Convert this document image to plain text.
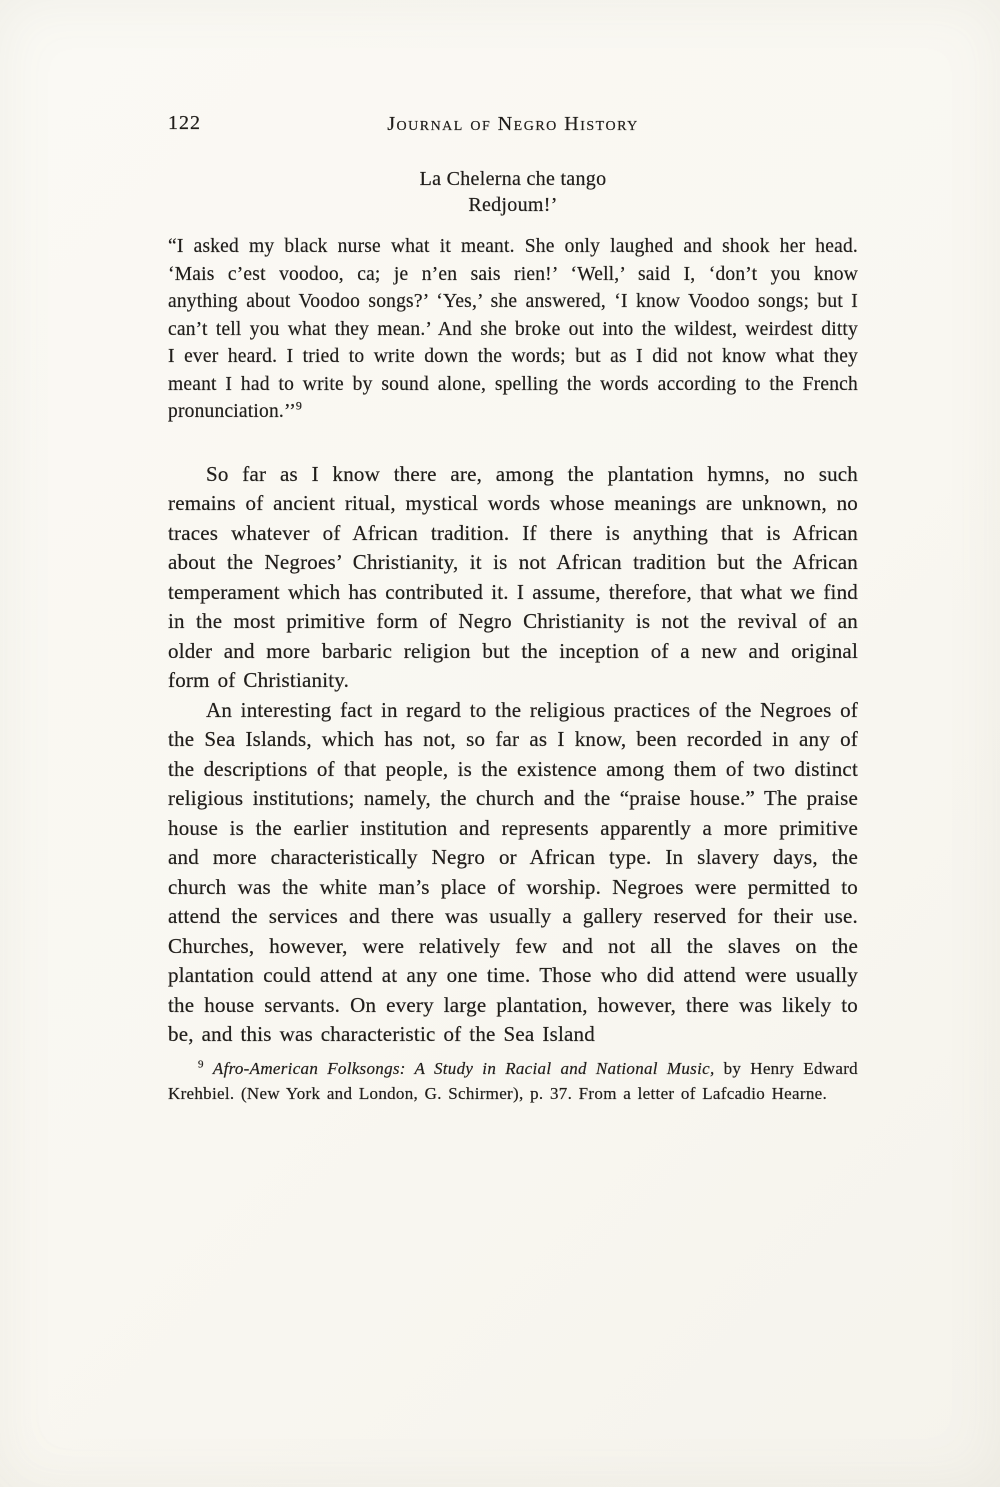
122	Journal of Negro History
La Chelerna che tango
Redjoum!’

“I asked my black nurse what it meant. She only laughed and shook her head. ‘Mais c’est voodoo, ca; je n’en sais rien!’ ‘Well,’ said I, ‘don’t you know anything about Voodoo songs?’ ‘Yes,’ she answered, ‘I know Voodoo songs; but I can’t tell you what they mean.’ And she broke out into the wildest, weirdest ditty I ever heard. I tried to write down the words; but as I did not know what they meant I had to write by sound alone, spelling the words according to the French pronunciation.’’$^9$

So far as I know there are, among the plantation hymns, no such remains of ancient ritual, mystical words whose meanings are unknown, no traces whatever of African tradition. If there is anything that is African about the Negroes’ Christianity, it is not African tradition but the African temperament which has contributed it. I assume, therefore, that what we find in the most primitive form of Negro Christianity is not the revival of an older and more barbaric religion but the inception of a new and original form of Christianity.

An interesting fact in regard to the religious practices of the Negroes of the Sea Islands, which has not, so far as I know, been recorded in any of the descriptions of that people, is the existence among them of two distinct religious institutions; namely, the church and the “praise house.” The praise house is the earlier institution and represents apparently a more primitive and more characteristically Negro or African type. In slavery days, the church was the white man’s place of worship. Negroes were permitted to attend the services and there was usually a gallery reserved for their use. Churches, however, were relatively few and not all the slaves on the plantation could attend at any one time. Those who did attend were usually the house servants. On every large plantation, however, there was likely to be, and this was characteristic of the Sea Island

$^9$ Afro-American Folksongs: A Study in Racial and National Music, by Henry Edward Krehbiel. (New York and London, G. Schirmer), p. 37. From a letter of Lafcadio Hearne.
